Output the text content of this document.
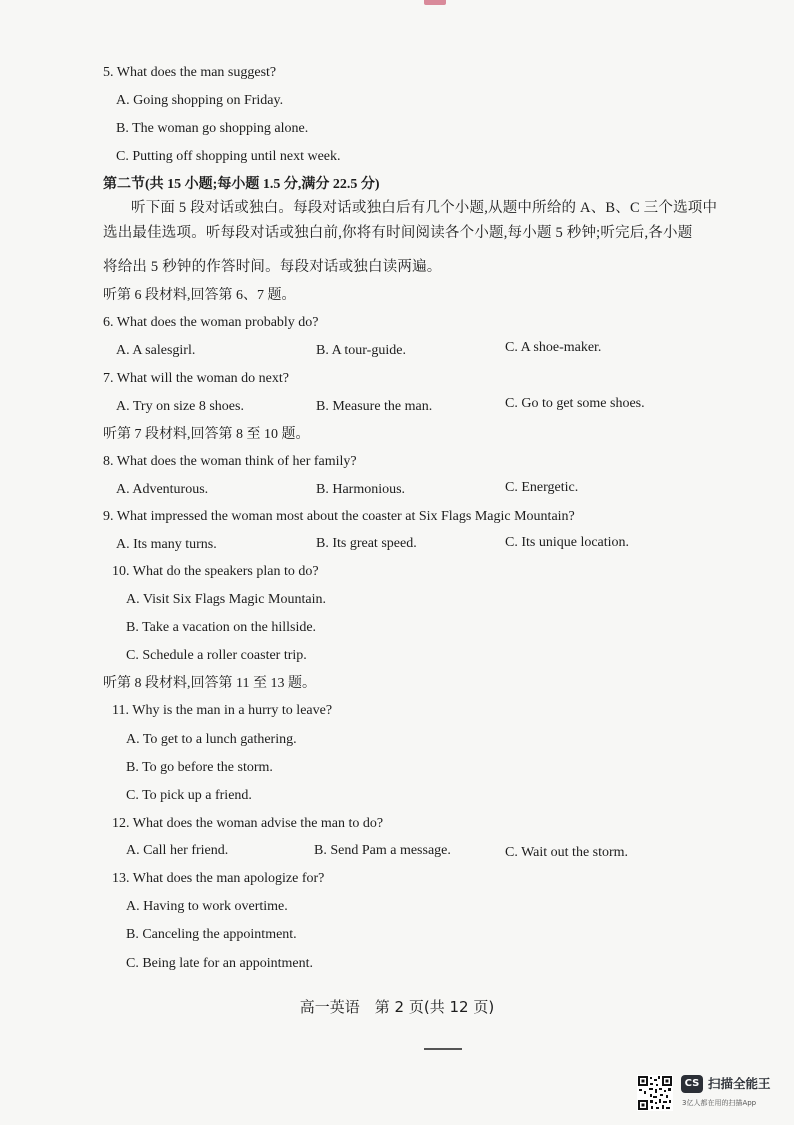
5. What does the man suggest?
A. Going shopping on Friday.
B. The woman go shopping alone.
C. Putting off shopping until next week.
第二节(共 15 小题;每小题 1.5 分,满分 22.5 分)
听下面 5 段对话或独白。每段对话或独白后有几个小题,从题中所给的 A、B、C 三个选项中
选出最佳选项。听每段对话或独白前,你将有时间阅读各个小题,每小题 5 秒钟;听完后,各小题
将给出 5 秒钟的作答时间。每段对话或独白读两遍。
听第 6 段材料,回答第 6、7 题。
6. What does the woman probably do?
A. A salesgirl.	B. A tour-guide.	C. A shoe-maker.
7. What will the woman do next?
A. Try on size 8 shoes.	B. Measure the man.	C. Go to get some shoes.
听第 7 段材料,回答第 8 至 10 题。
8. What does the woman think of her family?
A. Adventurous.	B. Harmonious.	C. Energetic.
9. What impressed the woman most about the coaster at Six Flags Magic Mountain?
A. Its many turns.	B. Its great speed.	C. Its unique location.
10. What do the speakers plan to do?
A. Visit Six Flags Magic Mountain.
B. Take a vacation on the hillside.
C. Schedule a roller coaster trip.
听第 8 段材料,回答第 11 至 13 题。
11. Why is the man in a hurry to leave?
A. To get to a lunch gathering.
B. To go before the storm.
C. To pick up a friend.
12. What does the woman advise the man to do?
A. Call her friend.	B. Send Pam a message.	C. Wait out the storm.
13. What does the man apologize for?
A. Having to work overtime.
B. Canceling the appointment.
C. Being late for an appointment.
高一英语　第 2 页(共 12 页)
CS 扫描全能王
3亿人都在用的扫描App
